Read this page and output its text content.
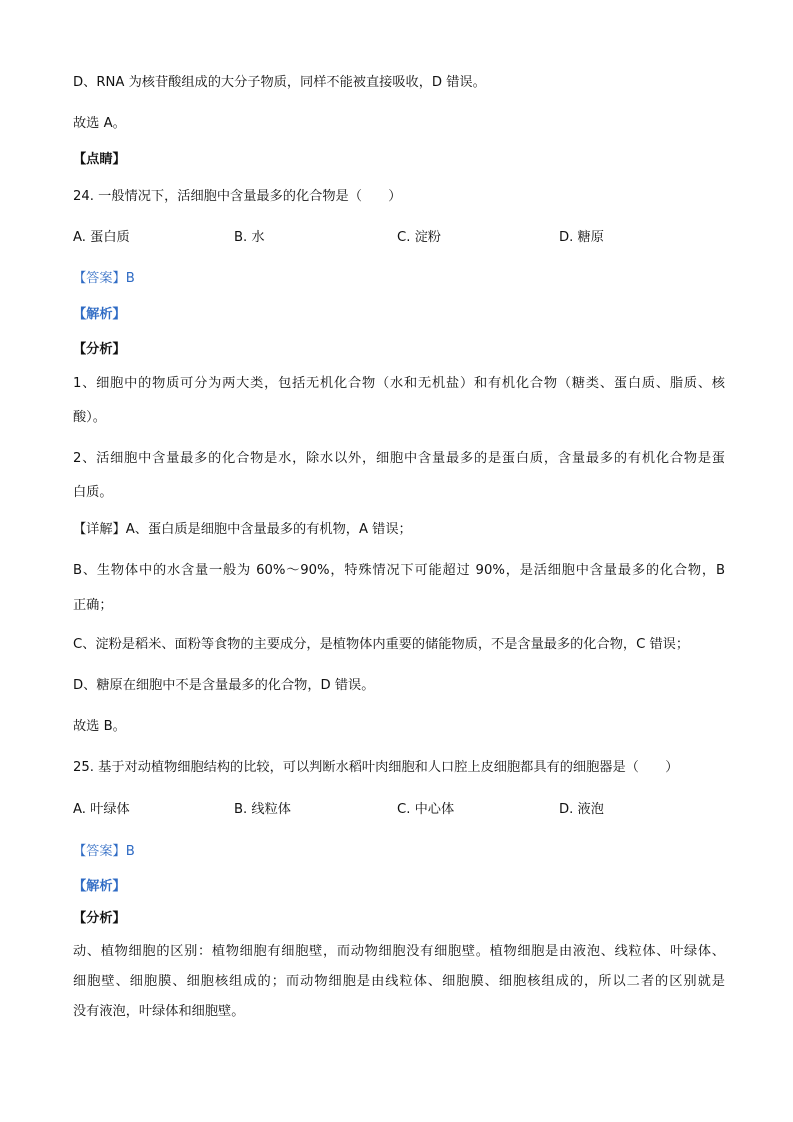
D、RNA 为核苷酸组成的大分子物质，同样不能被直接吸收，D 错误。
故选 A。
【点睛】
24. 一般情况下，活细胞中含量最多的化合物是（　　）
A. 蛋白质	B. 水	C. 淀粉	D. 糖原
【答案】B
【解析】
【分析】
1、细胞中的物质可分为两大类，包括无机化合物（水和无机盐）和有机化合物（糖类、蛋白质、脂质、核
酸）。
2、活细胞中含量最多的化合物是水，除水以外，细胞中含量最多的是蛋白质，含量最多的有机化合物是蛋
白质。
【详解】A、蛋白质是细胞中含量最多的有机物，A 错误；
B、生物体中的水含量一般为 60%～90%，特殊情况下可能超过 90%，是活细胞中含量最多的化合物，B
正确；
C、淀粉是稻米、面粉等食物的主要成分，是植物体内重要的储能物质，不是含量最多的化合物，C 错误；
D、糖原在细胞中不是含量最多的化合物，D 错误。
故选 B。
25. 基于对动植物细胞结构的比较，可以判断水稻叶肉细胞和人口腔上皮细胞都具有的细胞器是（　　）
A. 叶绿体	B. 线粒体	C. 中心体	D. 液泡
【答案】B
【解析】
【分析】
动、植物细胞的区别：植物细胞有细胞壁，而动物细胞没有细胞壁。植物细胞是由液泡、线粒体、叶绿体、
细胞壁、细胞膜、细胞核组成的；而动物细胞是由线粒体、细胞膜、细胞核组成的，所以二者的区别就是
没有液泡，叶绿体和细胞壁。
